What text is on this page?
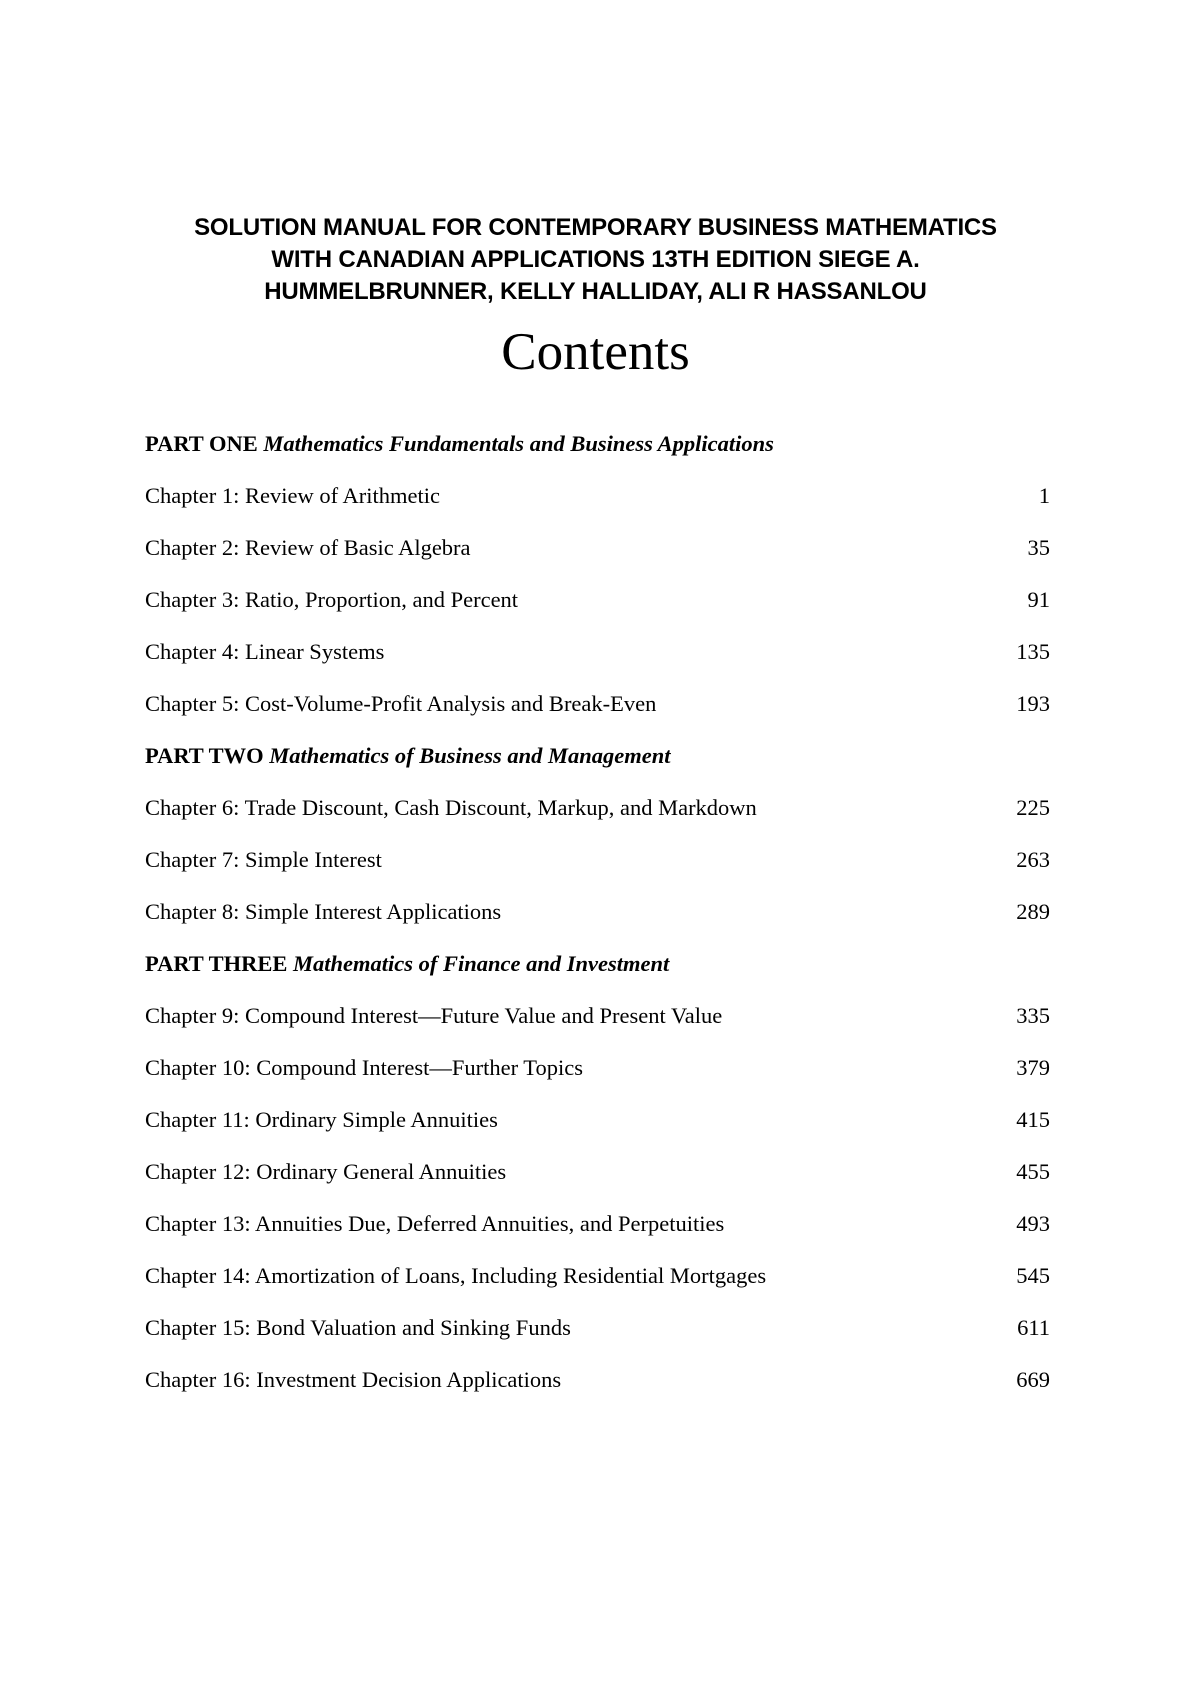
SOLUTION MANUAL FOR CONTEMPORARY BUSINESS MATHEMATICS
WITH CANADIAN APPLICATIONS 13TH EDITION SIEGE A.
HUMMELBRUNNER, KELLY HALLIDAY, ALI R HASSANLOU
Contents
PART ONE Mathematics Fundamentals and Business Applications
Chapter 1: Review of Arithmetic	1
Chapter 2: Review of Basic Algebra	35
Chapter 3: Ratio, Proportion, and Percent	91
Chapter 4: Linear Systems	135
Chapter 5: Cost-Volume-Profit Analysis and Break-Even	193
PART TWO Mathematics of Business and Management
Chapter 6: Trade Discount, Cash Discount, Markup, and Markdown	225
Chapter 7: Simple Interest	263
Chapter 8: Simple Interest Applications	289
PART THREE Mathematics of Finance and Investment
Chapter 9: Compound Interest—Future Value and Present Value	335
Chapter 10: Compound Interest—Further Topics	379
Chapter 11: Ordinary Simple Annuities	415
Chapter 12: Ordinary General Annuities	455
Chapter 13: Annuities Due, Deferred Annuities, and Perpetuities	493
Chapter 14: Amortization of Loans, Including Residential Mortgages	545
Chapter 15: Bond Valuation and Sinking Funds	611
Chapter 16: Investment Decision Applications	669
